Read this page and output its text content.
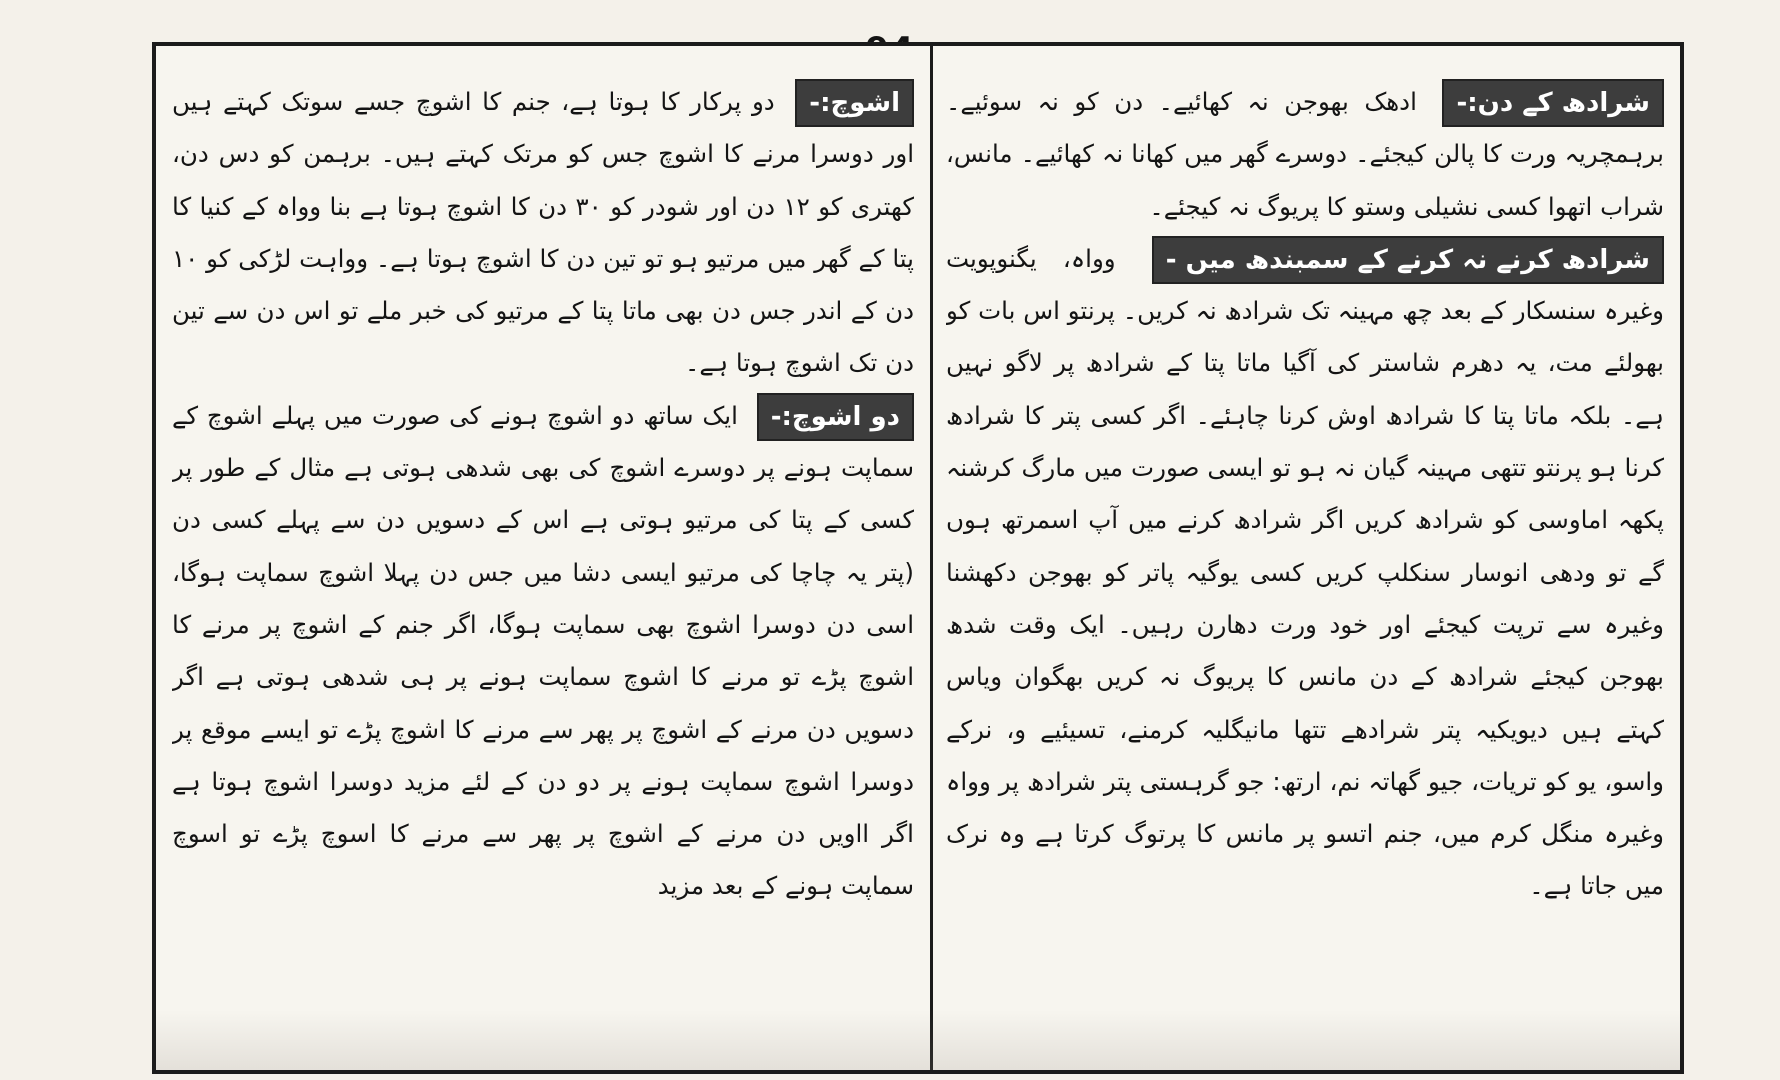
شرادھ کے دن:- ادھک بھوجن نہ کھائیے۔ دن کو نہ سوئیے۔ برہمچریہ ورت کا پالن کیجئے۔ دوسرے گھر میں کھانا نہ کھائیے۔ مانس، شراب اتھوا کسی نشیلی وستو کا پریوگ نہ کیجئے۔

شرادھ کرنے نہ کرنے کے سمبندھ میں - وواہ، یگنوپویت وغیرہ سنسکار کے بعد چھ مہینہ تک شرادھ نہ کریں۔ پرنتو اس بات کو بھولئے مت، یہ دھرم شاستر کی آگیا ماتا پتا کے شرادھ پر لاگو نہیں ہے۔ بلکہ ماتا پتا کا شرادھ اوش کرنا چاہئے۔ اگر کسی پتر کا شرادھ کرنا ہو پرنتو تتھی مہینہ گیان نہ ہو تو ایسی صورت میں مارگ کرشنہ پکھہ اماوسی کو شرادھ کریں اگر شرادھ کرنے میں آپ اسمرتھ ہوں گے تو ودھی انوسار سنکلپ کریں کسی یوگیہ پاتر کو بھوجن دکھشنا وغیرہ سے ترپت کیجئے اور خود ورت دھارن رہیں۔ ایک وقت شدھ بھوجن کیجئے شرادھ کے دن مانس کا پریوگ نہ کریں بھگوان ویاس کہتے ہیں دیویکیہ پتر شرادھے تتھا مانیگلیہ کرمنے، تسیئیے و، نرکے واسو، یو کو تریات، جیو گھاتہ نم، ارتھ: جو گرہستی پتر شرادھ پر وواہ وغیرہ منگل کرم میں، جنم اتسو پر مانس کا پرتوگ کرتا ہے وہ نرک میں جاتا ہے۔

اشوچ:- دو پرکار کا ہوتا ہے، جنم کا اشوچ جسے سوتک کہتے ہیں اور دوسرا مرنے کا اشوچ جس کو مرتک کہتے ہیں۔ برہمن کو دس دن، کھتری کو ۱۲ دن اور شودر کو ۳۰ دن کا اشوچ ہوتا ہے بنا وواہ کے کنیا کا پتا کے گھر میں مرتیو ہو تو تین دن کا اشوچ ہوتا ہے۔ وواہت لڑکی کو ۱۰ دن کے اندر جس دن بھی ماتا پتا کے مرتیو کی خبر ملے تو اس دن سے تین دن تک اشوچ ہوتا ہے۔

دو اشوچ:- ایک ساتھ دو اشوچ ہونے کی صورت میں پہلے اشوچ کے سماپت ہونے پر دوسرے اشوچ کی بھی شدھی ہوتی ہے مثال کے طور پر کسی کے پتا کی مرتیو ہوتی ہے اس کے دسویں دن سے پہلے کسی دن (پتر یہ چاچا کی مرتیو ایسی دشا میں جس دن پہلا اشوچ سماپت ہوگا، اسی دن دوسرا اشوچ بھی سماپت ہوگا، اگر جنم کے اشوچ پر مرنے کا اشوچ پڑے تو مرنے کا اشوچ سماپت ہونے پر ہی شدھی ہوتی ہے اگر دسویں دن مرنے کے اشوچ پر پھر سے مرنے کا اشوچ پڑے تو ایسے موقع پر دوسرا اشوچ سماپت ہونے پر دو دن کے لئے مزید دوسرا اشوچ ہوتا ہے اگر ااویں دن مرنے کے اشوچ پر پھر سے مرنے کا اسوچ پڑے تو اسوچ سماپت ہونے کے بعد مزید
